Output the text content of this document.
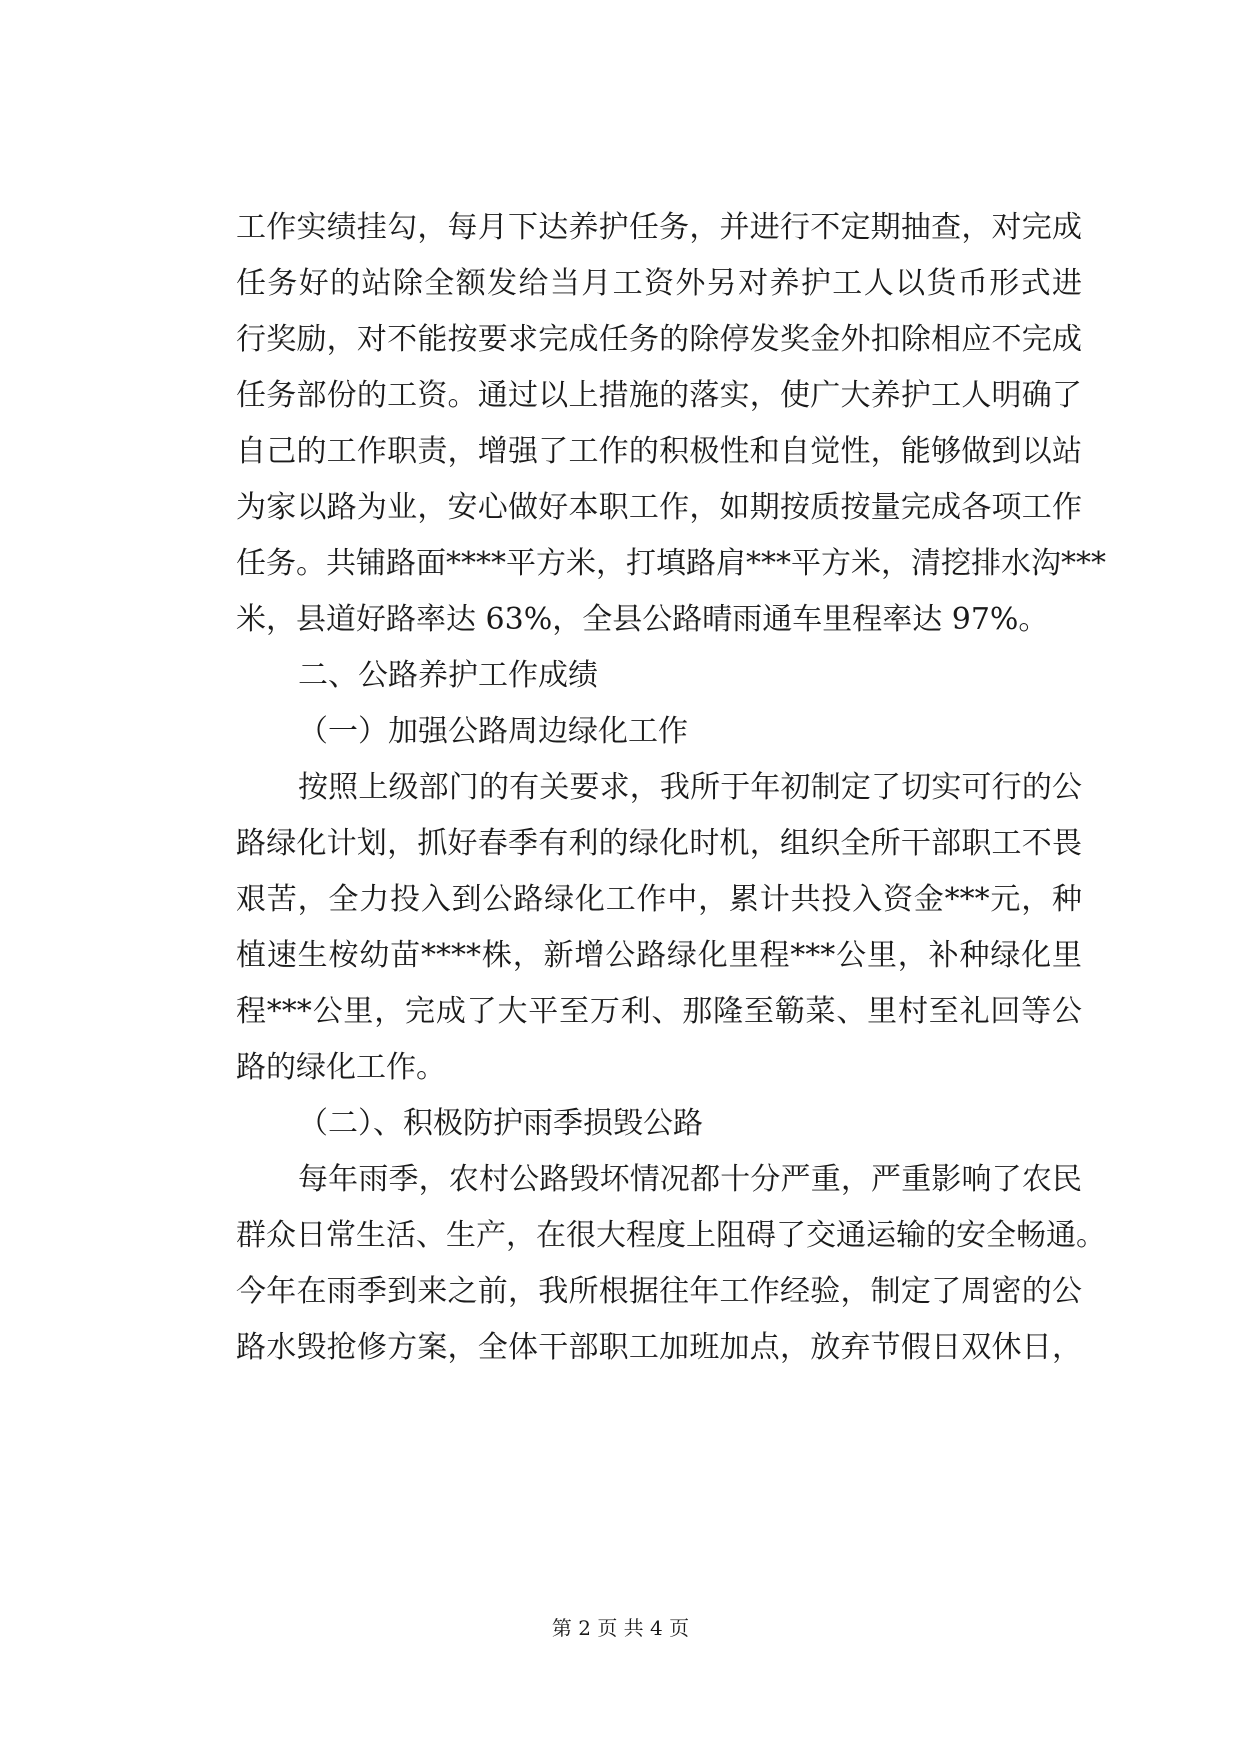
工作实绩挂勾，每月下达养护任务，并进行不定期抽查，对完成
任务好的站除全额发给当月工资外另对养护工人以货币形式进
行奖励，对不能按要求完成任务的除停发奖金外扣除相应不完成
任务部份的工资。通过以上措施的落实，使广大养护工人明确了
自己的工作职责，增强了工作的积极性和自觉性，能够做到以站
为家以路为业，安心做好本职工作，如期按质按量完成各项工作
任务。共铺路面****平方米，打填路肩***平方米，清挖排水沟***
米，县道好路率达 63%，全县公路晴雨通车里程率达 97%。
二、公路养护工作成绩
（一）加强公路周边绿化工作
按照上级部门的有关要求，我所于年初制定了切实可行的公
路绿化计划，抓好春季有利的绿化时机，组织全所干部职工不畏
艰苦，全力投入到公路绿化工作中，累计共投入资金***元，种
植速生桉幼苗****株，新增公路绿化里程***公里，补种绿化里
程***公里，完成了大平至万利、那隆至簕菜、里村至礼回等公
路的绿化工作。
（二）、积极防护雨季损毁公路
每年雨季，农村公路毁坏情况都十分严重，严重影响了农民
群众日常生活、生产，在很大程度上阻碍了交通运输的安全畅通。
今年在雨季到来之前，我所根据往年工作经验，制定了周密的公
路水毁抢修方案，全体干部职工加班加点，放弃节假日双休日，
第 2 页 共 4 页
